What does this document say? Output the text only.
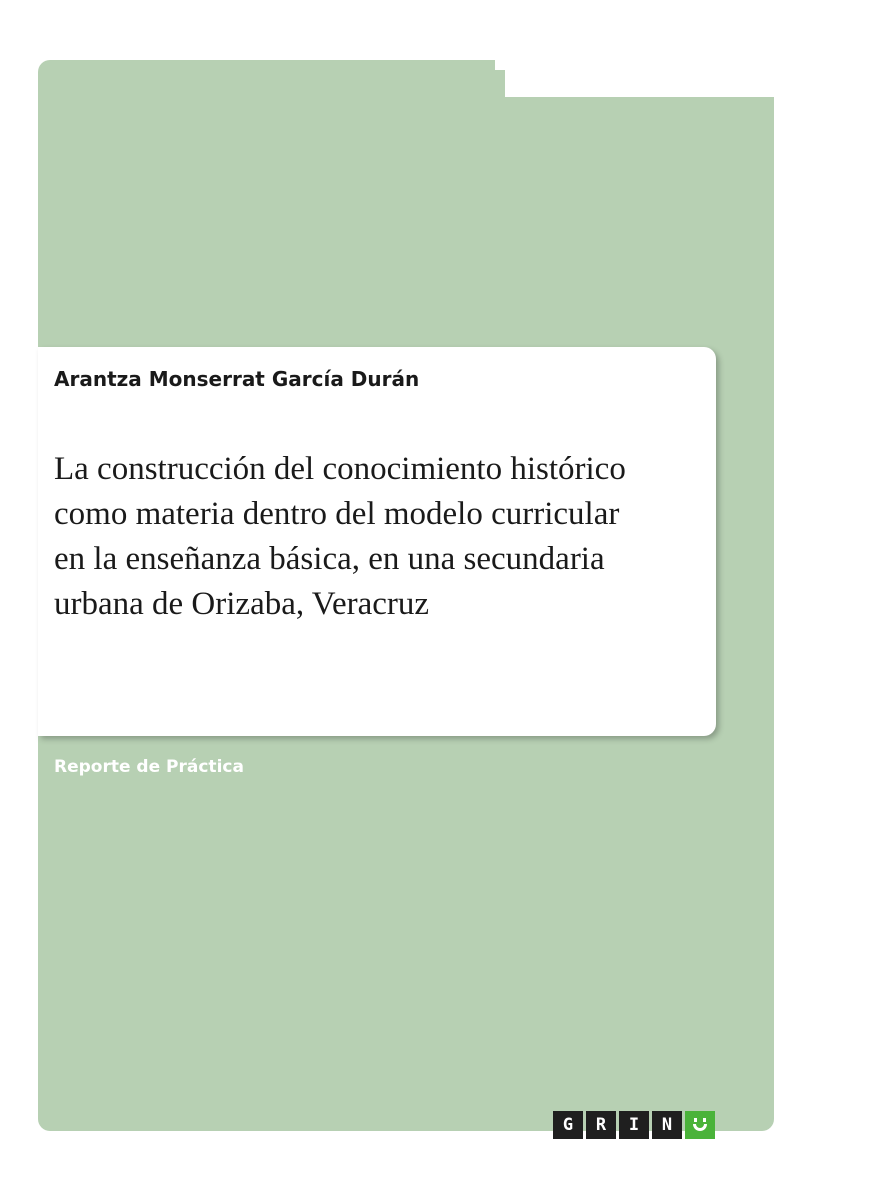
Arantza Monserrat García Durán
La construcción del conocimiento histórico
como materia dentro del modelo curricular
en la enseñanza básica, en una secundaria
urbana de Orizaba, Veracruz
Reporte de Práctica
G	R	I	N
